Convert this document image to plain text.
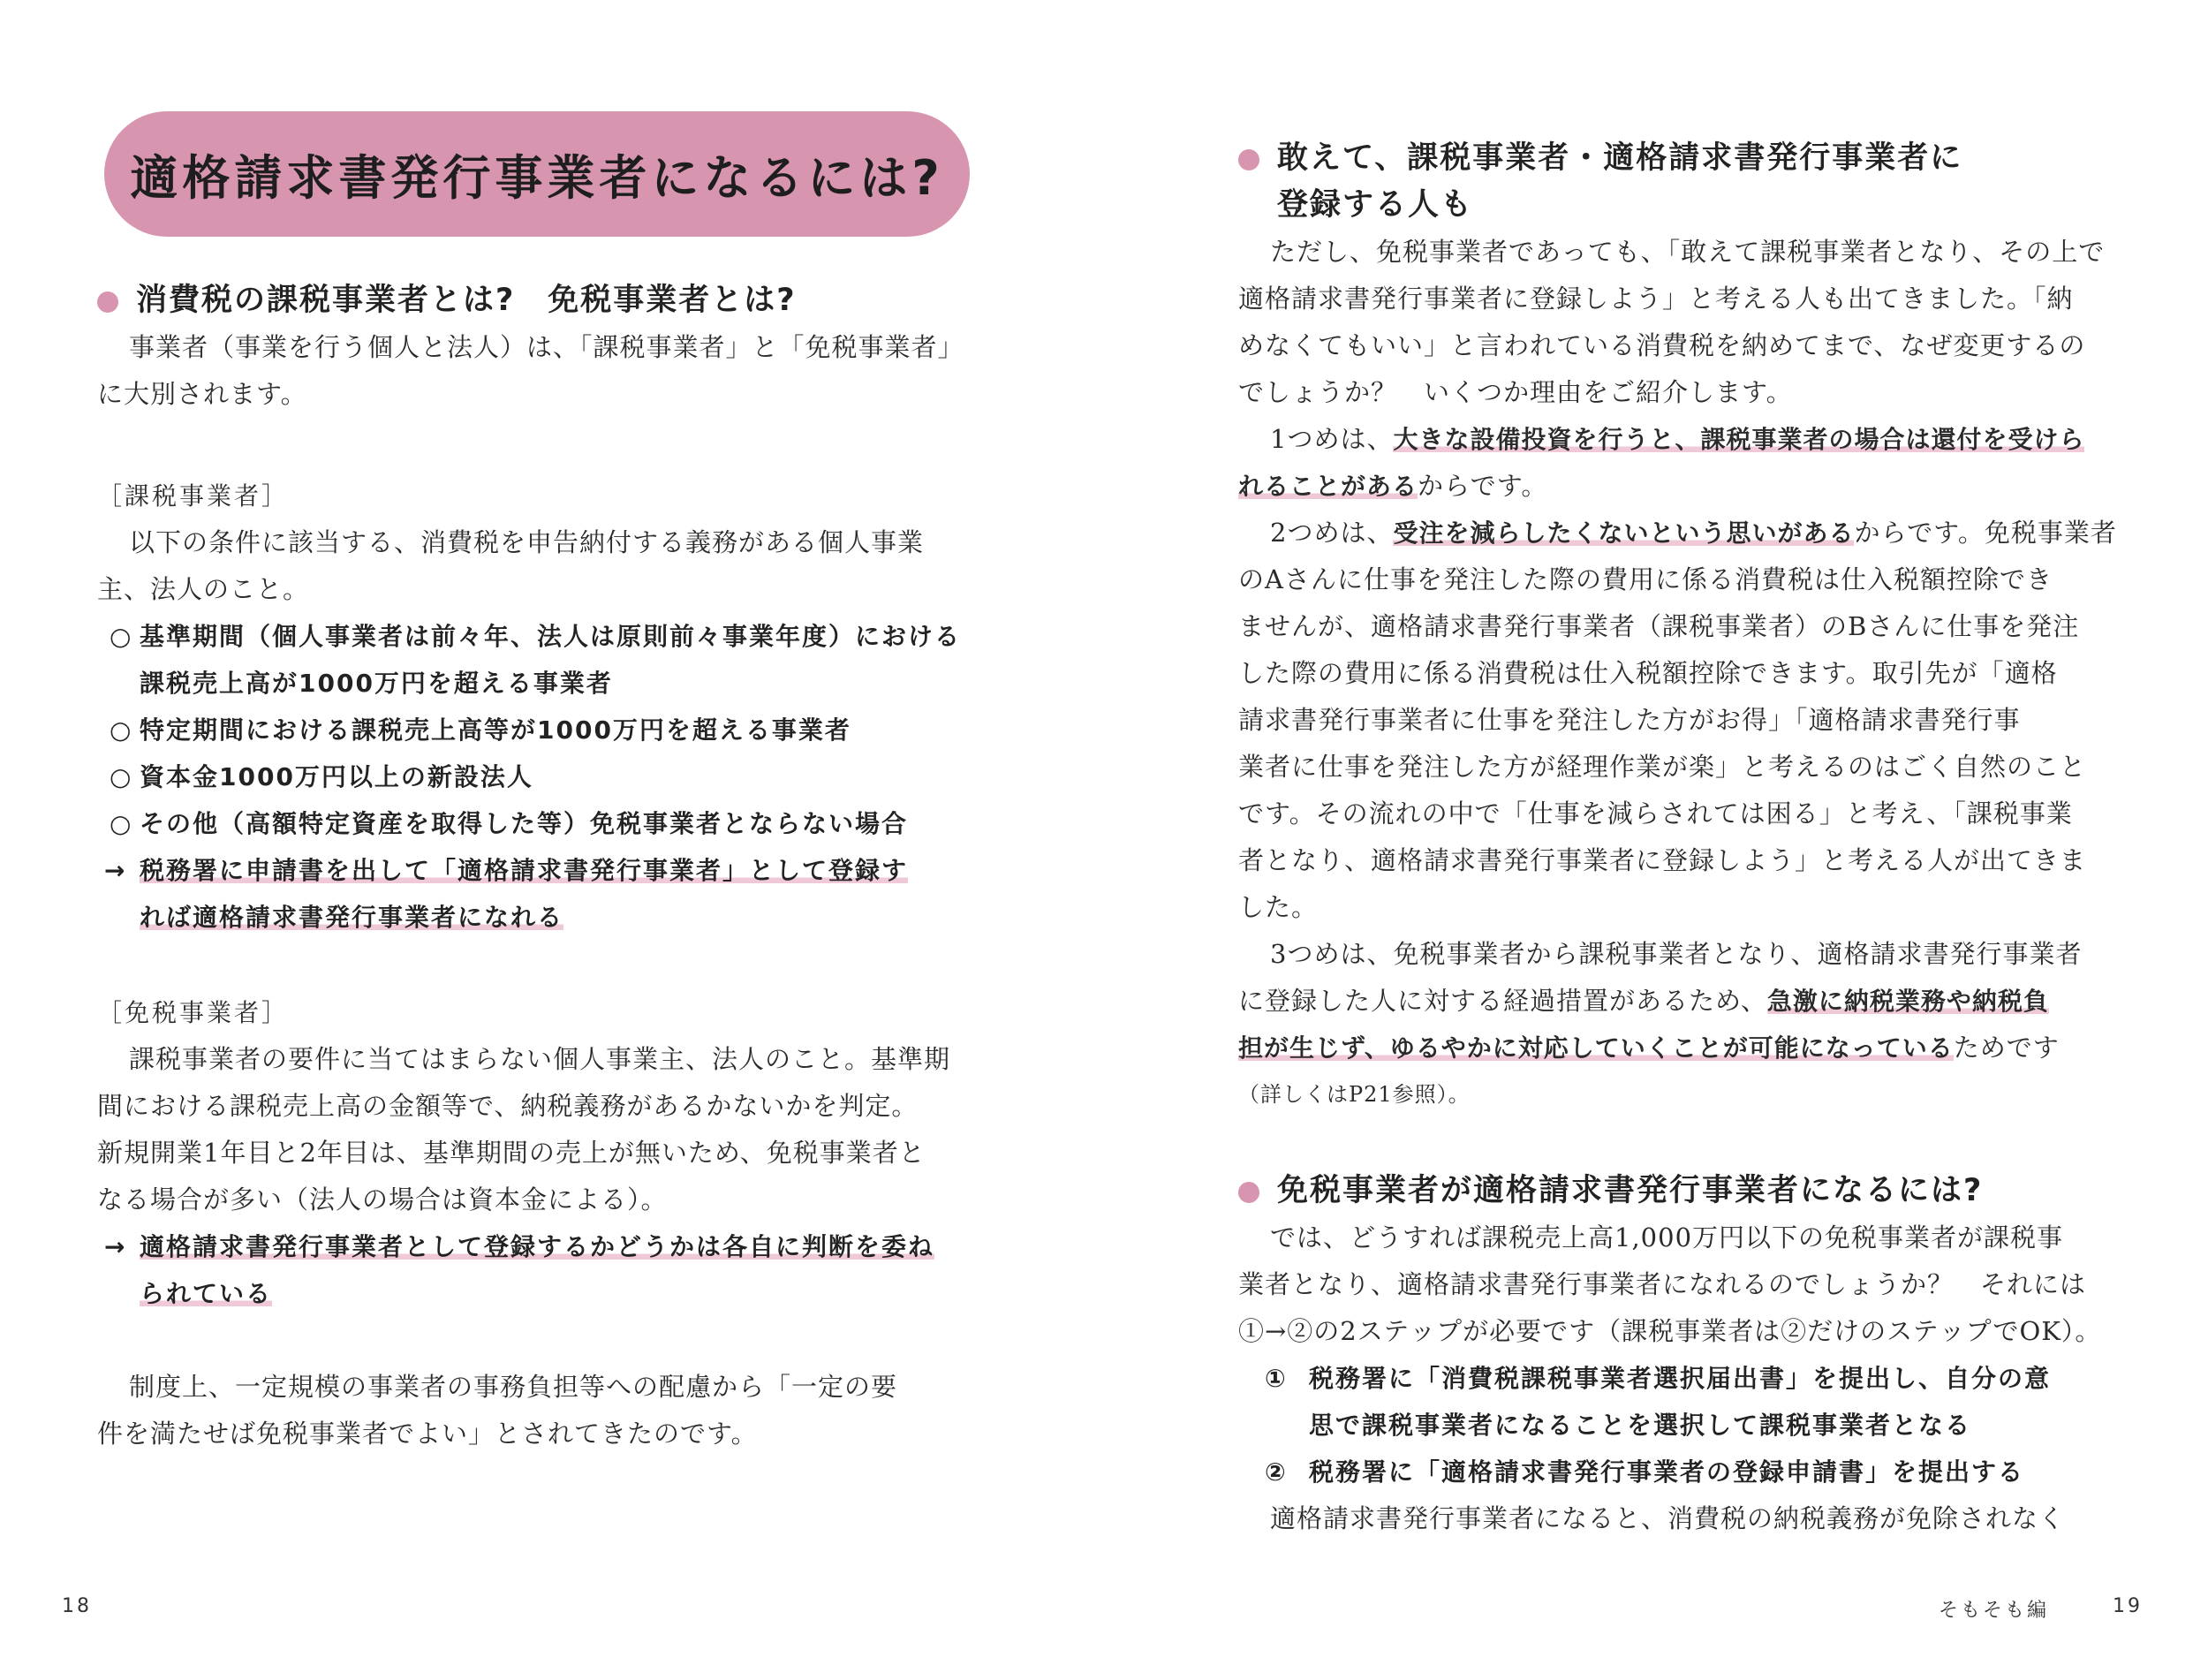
適格請求書発行事業者になるには?
消費税の課税事業者とは?　免税事業者とは?
事業者（事業を行う個人と法人）は、「課税事業者」と「免税事業者」
に大別されます。
［課税事業者］
以下の条件に該当する、消費税を申告納付する義務がある個人事業
主、法人のこと。
○ 基準期間（個人事業者は前々年、法人は原則前々事業年度）における
課税売上高が1000万円を超える事業者
○ 特定期間における課税売上高等が1000万円を超える事業者
○ 資本金1000万円以上の新設法人
○ その他（高額特定資産を取得した等）免税事業者とならない場合
→ 税務署に申請書を出して「適格請求書発行事業者」として登録す
れば適格請求書発行事業者になれる
［免税事業者］
課税事業者の要件に当てはまらない個人事業主、法人のこと。基準期
間における課税売上高の金額等で、納税義務があるかないかを判定。
新規開業1年目と2年目は、基準期間の売上が無いため、免税事業者と
なる場合が多い（法人の場合は資本金による）。
→ 適格請求書発行事業者として登録するかどうかは各自に判断を委ね
られている
制度上、一定規模の事業者の事務負担等への配慮から「一定の要
件を満たせば免税事業者でよい」とされてきたのです。
18
敢えて、課税事業者・適格請求書発行事業者に
登録する人も
ただし、免税事業者であっても、「敢えて課税事業者となり、その上で
適格請求書発行事業者に登録しよう」と考える人も出てきました。「納
めなくてもいい」と言われている消費税を納めてまで、なぜ変更するの
でしょうか？　いくつか理由をご紹介します。
1つめは、大きな設備投資を行うと、課税事業者の場合は還付を受けら
れることがあるからです。
2つめは、受注を減らしたくないという思いがあるからです。免税事業者
のAさんに仕事を発注した際の費用に係る消費税は仕入税額控除でき
ませんが、適格請求書発行事業者（課税事業者）のBさんに仕事を発注
した際の費用に係る消費税は仕入税額控除できます。取引先が「適格
請求書発行事業者に仕事を発注した方がお得」「適格請求書発行事
業者に仕事を発注した方が経理作業が楽」と考えるのはごく自然のこと
です。その流れの中で「仕事を減らされては困る」と考え、「課税事業
者となり、適格請求書発行事業者に登録しよう」と考える人が出てきま
した。
3つめは、免税事業者から課税事業者となり、適格請求書発行事業者
に登録した人に対する経過措置があるため、急激に納税業務や納税負
担が生じず、ゆるやかに対応していくことが可能になっているためです
（詳しくはP21参照）。
免税事業者が適格請求書発行事業者になるには?
では、どうすれば課税売上高1,000万円以下の免税事業者が課税事
業者となり、適格請求書発行事業者になれるのでしょうか？　それには
①→②の2ステップが必要です（課税事業者は②だけのステップでOK）。
① 税務署に「消費税課税事業者選択届出書」を提出し、自分の意
思で課税事業者になることを選択して課税事業者となる
② 税務署に「適格請求書発行事業者の登録申請書」を提出する
適格請求書発行事業者になると、消費税の納税義務が免除されなく
そもそも編	19
